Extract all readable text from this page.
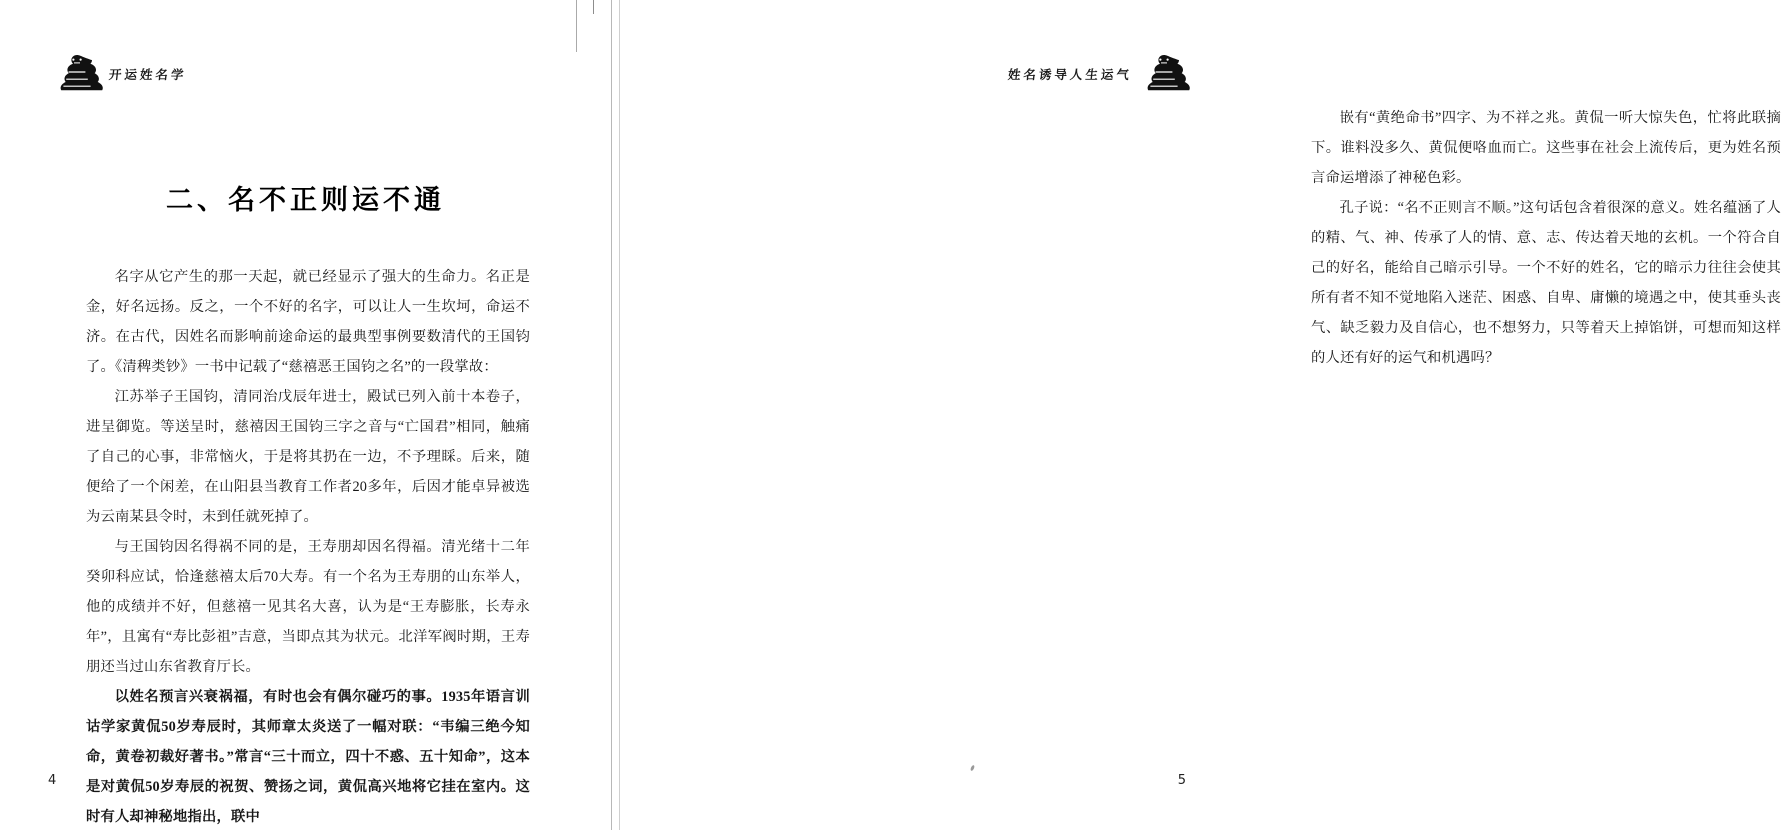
开运姓名学
二、名不正则运不通

名字从它产生的那一天起，就已经显示了强大的生命力。名正是金，好名远扬。反之，一个不好的名字，可以让人一生坎坷，命运不济。在古代，因姓名而影响前途命运的最典型事例要数清代的王国钧了。《清稗类钞》一书中记载了“慈禧恶王国钧之名”的一段掌故：

江苏举子王国钧，清同治戊辰年进士，殿试已列入前十本卷子，进呈御览。等送呈时，慈禧因王国钧三字之音与“亡国君”相同，触痛了自己的心事，非常恼火，于是将其扔在一边，不予理睬。后来，随便给了一个闲差，在山阳县当教育工作者20多年，后因才能卓异被选为云南某县令时，未到任就死掉了。

与王国钧因名得祸不同的是，王寿朋却因名得福。清光绪十二年癸卯科应试，恰逢慈禧太后70大寿。有一个名为王寿朋的山东举人，他的成绩并不好，但慈禧一见其名大喜，认为是“王寿膨胀，长寿永年”，且寓有“寿比彭祖”吉意，当即点其为状元。北洋军阀时期，王寿朋还当过山东省教育厅长。

以姓名预言兴衰祸福，有时也会有偶尔碰巧的事。1935年语言训诂学家黄侃50岁寿辰时，其师章太炎送了一幅对联：“韦编三绝今知命，黄卷初裁好著书。”常言“三十而立，四十不惑、五十知命”，这本是对黄侃50岁寿辰的祝贺、赞扬之词，黄侃高兴地将它挂在室内。这时有人却神秘地指出，联中

4
姓名诱导人生运气

嵌有“黄绝命书”四字、为不祥之兆。黄侃一听大惊失色，忙将此联摘下。谁料没多久、黄侃便咯血而亡。这些事在社会上流传后，更为姓名预言命运增添了神秘色彩。

孔子说：“名不正则言不顺。”这句话包含着很深的意义。姓名蕴涵了人的精、气、神、传承了人的情、意、志、传达着天地的玄机。一个符合自己的好名，能给自己暗示引导。一个不好的姓名，它的暗示力往往会使其所有者不知不觉地陷入迷茫、困惑、自卑、庸懒的境遇之中，使其垂头丧气、缺乏毅力及自信心，也不想努力，只等着天上掉馅饼，可想而知这样的人还有好的运气和机遇吗？

5
